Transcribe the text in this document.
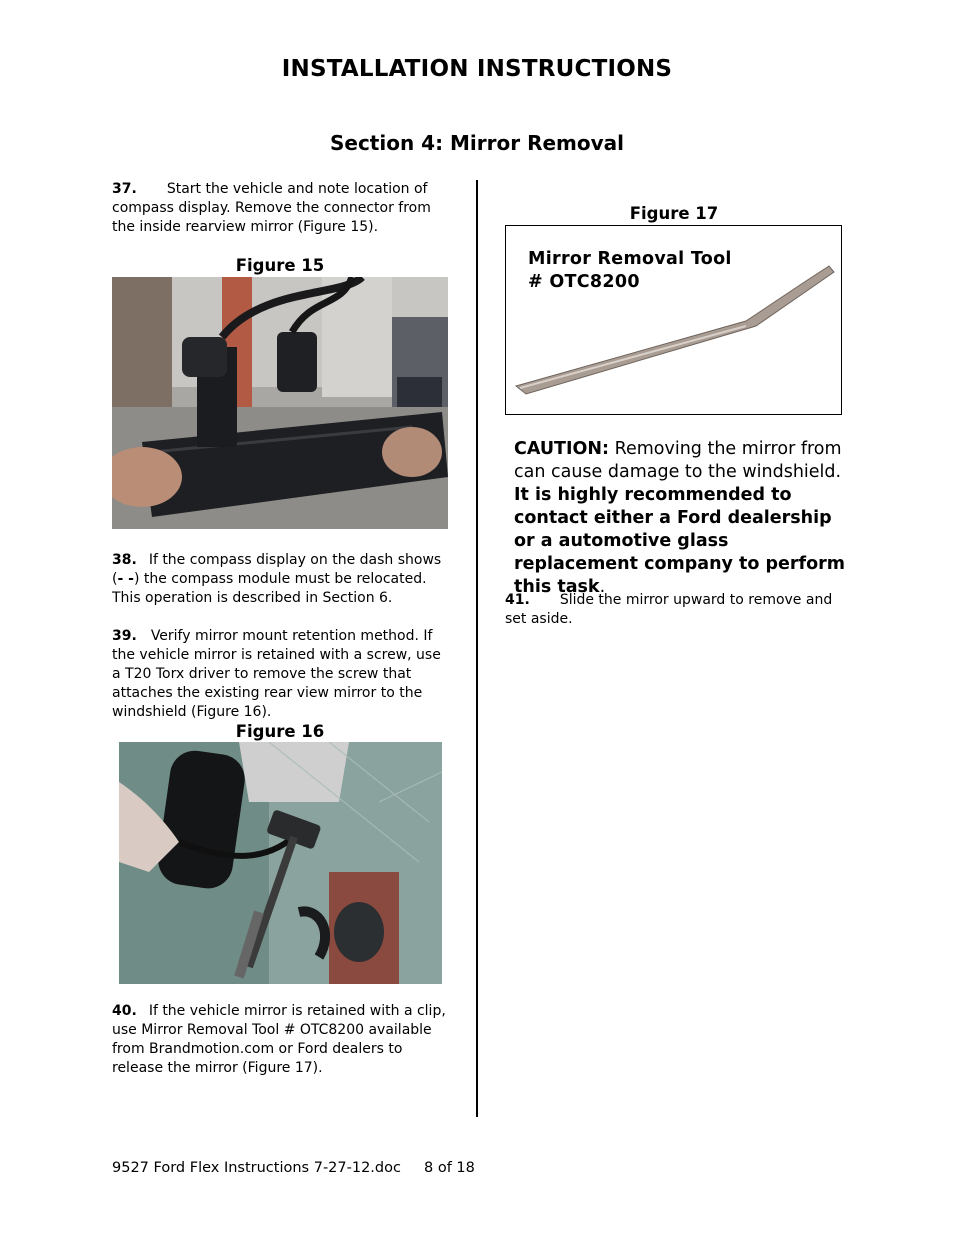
INSTALLATION INSTRUCTIONS
Section 4: Mirror Removal
37. Start the vehicle and note location of compass display. Remove the connector from the inside rearview mirror (Figure 15).
Figure 15
38. If the compass display on the dash shows (- -) the compass module must be relocated. This operation is described in Section 6.
39. Verify mirror mount retention method. If the vehicle mirror is retained with a screw, use a T20 Torx driver to remove the screw that attaches the existing rear view mirror to the windshield (Figure 16).
Figure 16
40. If the vehicle mirror is retained with a clip, use Mirror Removal Tool # OTC8200 available from Brandmotion.com or Ford dealers to release the mirror (Figure 17).
Figure 17
Mirror Removal Tool
# OTC8200
CAUTION: Removing the mirror from can cause damage to the windshield.
It is highly recommended to contact either a Ford dealership or a automotive glass replacement company to perform this task.
41. Slide the mirror upward to remove and set aside.
9527 Ford Flex Instructions 7-27-12.doc 8 of 18
